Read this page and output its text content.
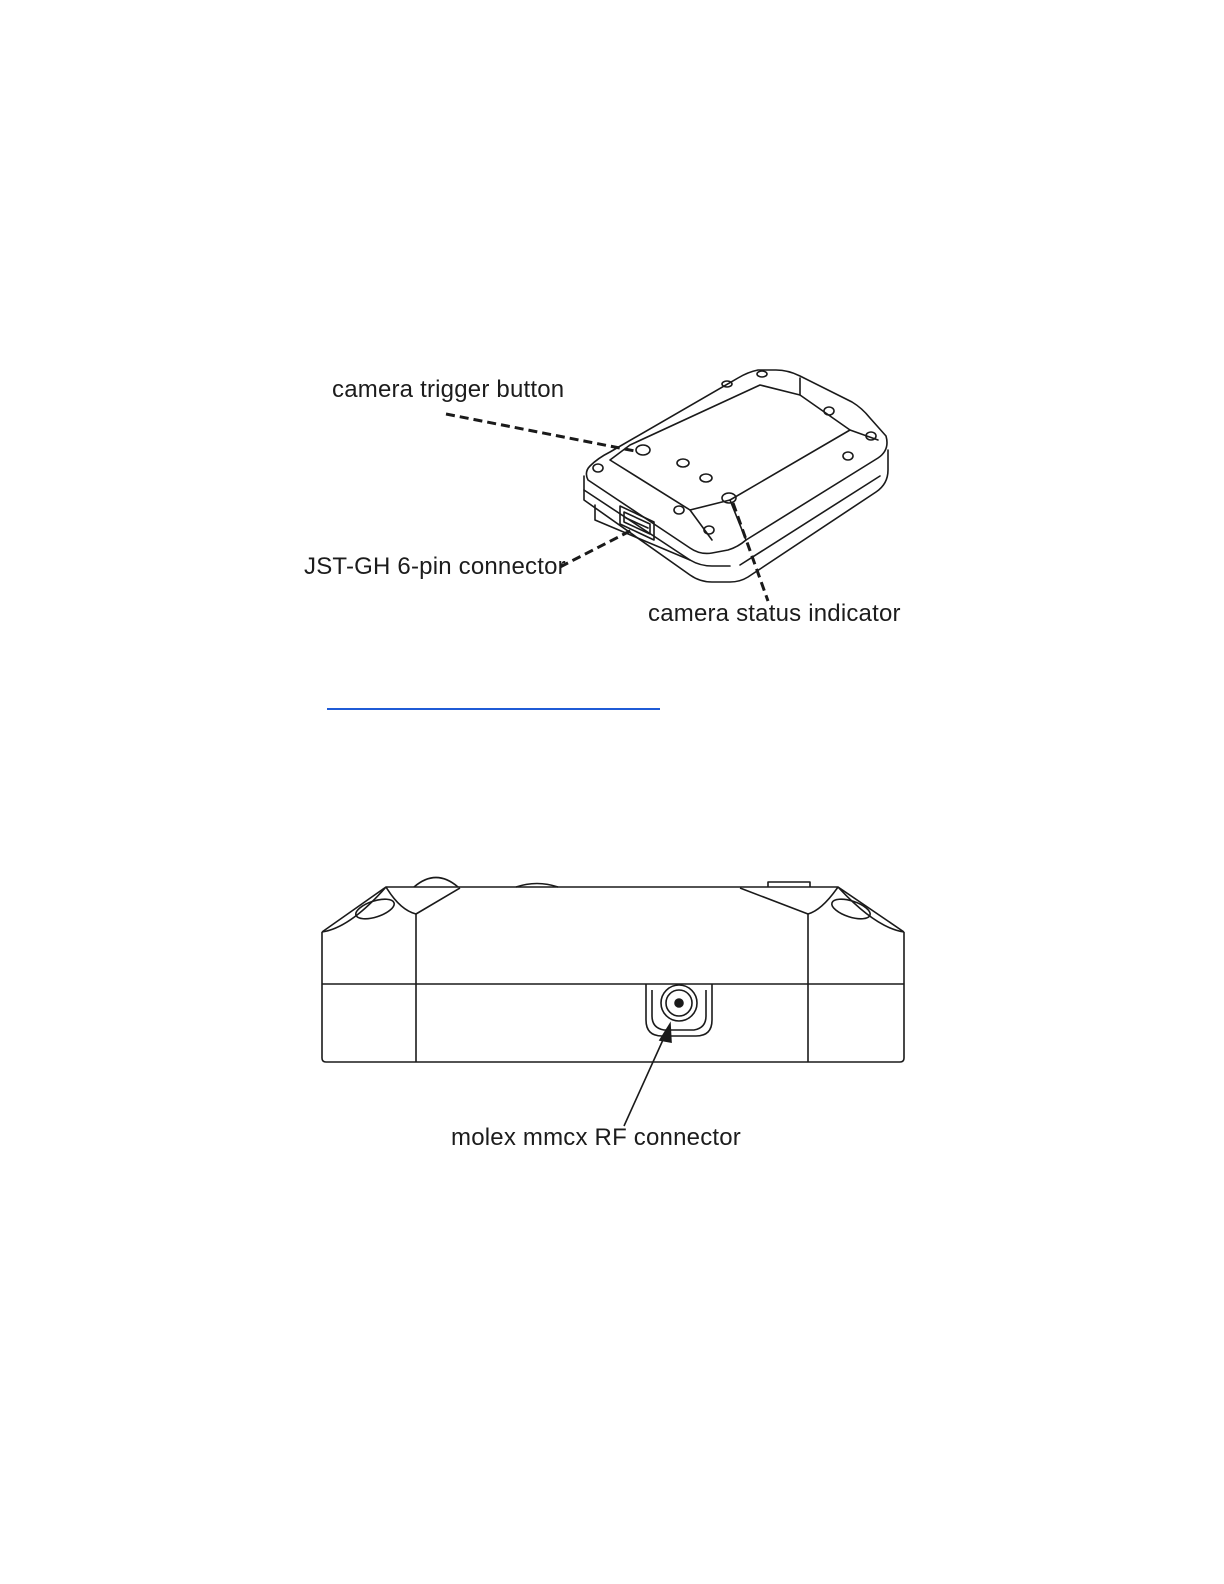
camera trigger button
JST-GH 6-pin connector
camera status indicator
molex mmcx RF connector
